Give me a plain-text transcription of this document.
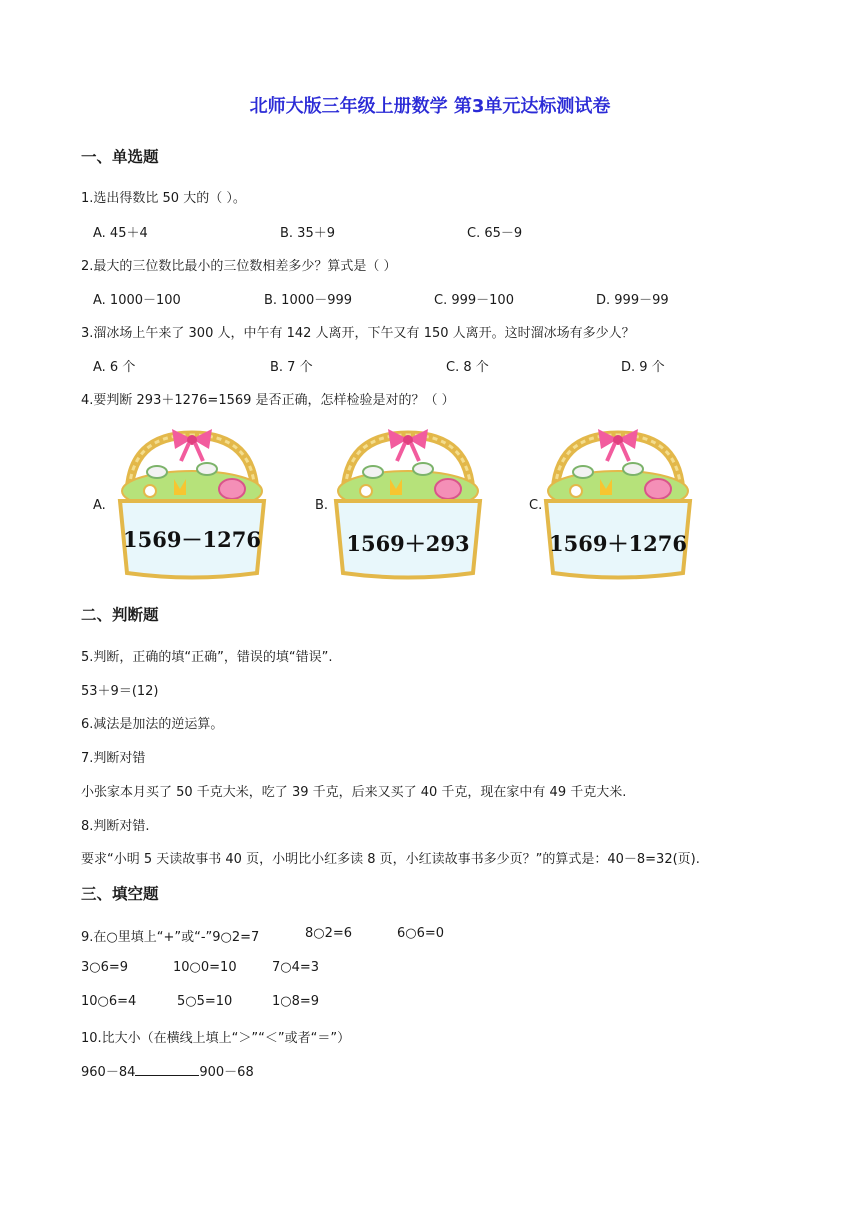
北师大版三年级上册数学 第3单元达标测试卷
一、单选题
1.选出得数比 50 大的（ ）。
A. 45＋4	B. 35＋9	C. 65－9
2.最大的三位数比最小的三位数相差多少？算式是（ ）
A. 1000－100	B. 1000－999	C. 999－100	D. 999－99
3.溜冰场上午来了 300 人，中午有 142 人离开，下午又有 150 人离开。这时溜冰场有多少人？
A. 6 个	B. 7 个	C. 8 个	D. 9 个
4.要判断 293＋1276=1569 是否正确，怎样检验是对的？（ ）
A.	B.	C.
1569－1276	1569＋293	1569＋1276
二、判断题
5.判断，正确的填“正确”，错误的填“错误”.
53＋9＝(12)
6.减法是加法的逆运算。
7.判断对错
小张家本月买了 50 千克大米，吃了 39 千克，后来又买了 40 千克，现在家中有 49 千克大米.
8.判断对错.
要求“小明 5 天读故事书 40 页，小明比小红多读 8 页，小红读故事书多少页？”的算式是：40－8=32(页).
三、填空题
9.在○里填上“+”或“-”9○2=7	8○2=6	6○6=0
3○6=9	10○0=10	7○4=3
10○6=4	5○5=10	1○8=9
10.比大小（在横线上填上“＞”“＜”或者“＝”）
960－84	900－68
